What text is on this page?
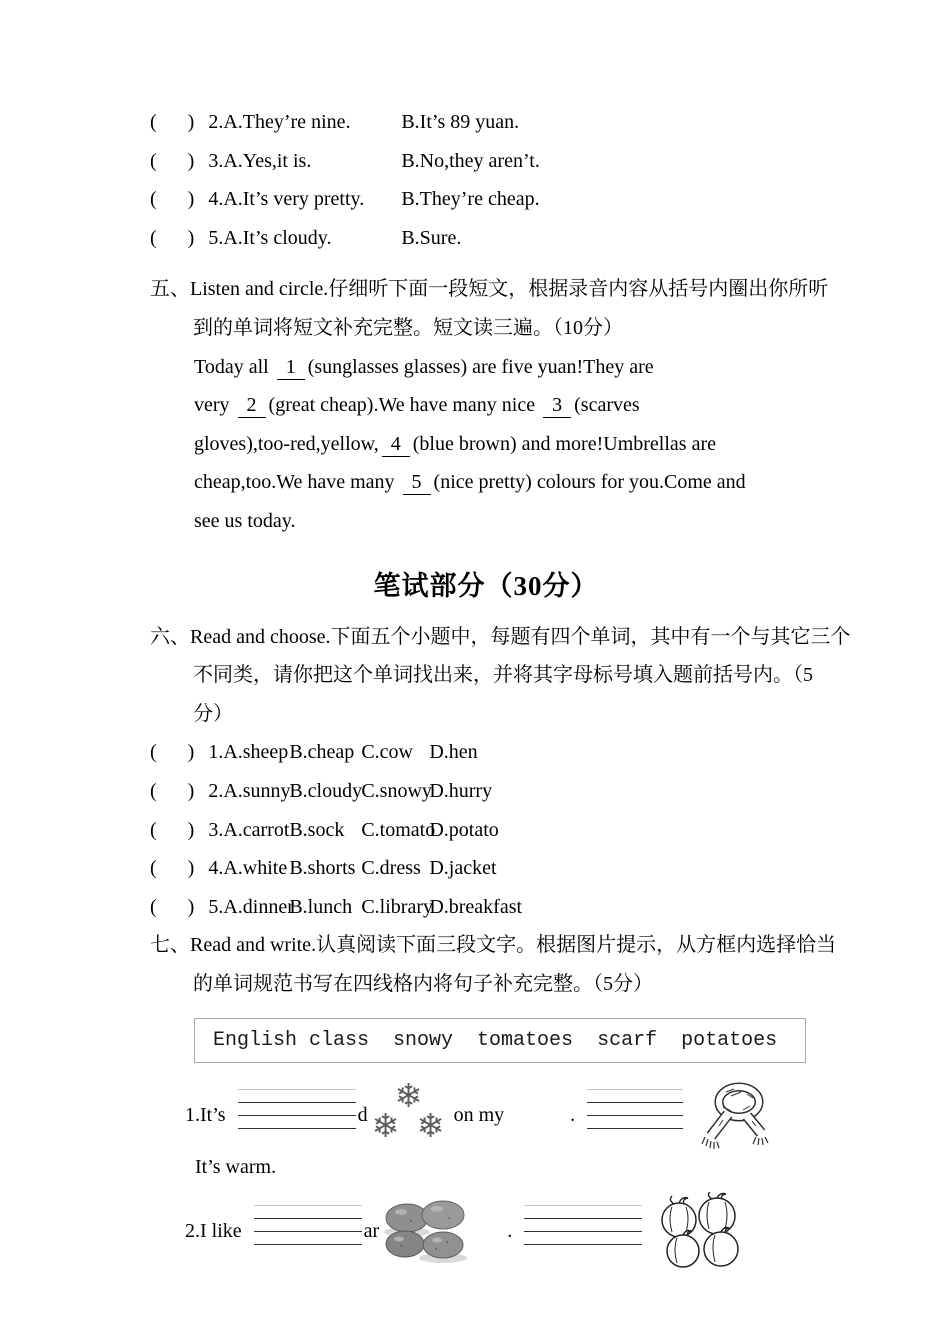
(     ) 2.A.They’re nine.	B.It’s 89 yuan.
(     ) 3.A.Yes,it is.	B.No,they aren’t.
(     ) 4.A.It’s very pretty. B.They’re cheap.
(     ) 5.A.It’s cloudy.	B.Sure.
五、Listen and circle.仔细听下面一段短文，根据录音内容从括号内圈出你所听
到的单词将短文补充完整。短文读三遍。（10分）
Today all 1 (sunglasses glasses) are five yuan!They are
very 2 (great cheap).We have many nice 3 (scarves
gloves),too-red,yellow, 4 (blue brown) and more!Umbrellas are
cheap,too.We have many 5 (nice pretty) colours for you.Come and
see us today.
笔试部分（30分）
六、Read and choose.下面五个小题中，每题有四个单词，其中有一个与其它三个
不同类，请你把这个单词找出来，并将其字母标号填入题前括号内。（5
分）
(     ) 1.A.sheepB.cheap C.cow D.hen
(     ) 2.A.sunnyB.cloudyC.snowyD.hurry
(     ) 3.A.carrotB.sock C.tomatoD.potato
(     ) 4.A.white B.shorts C.dress D.jacket
(     ) 5.A.dinnerB.lunch C.libraryD.breakfast
七、Read and write.认真阅读下面三段文字。根据图片提示，从方框内选择恰当
的单词规范书写在四线格内将句子补充完整。（5分）
English class  snowy  tomatoes  scarf  potatoes
1.It’s	d ❄
❄ ❄ on my	.
It’s warm.
2.I like	ar	.
